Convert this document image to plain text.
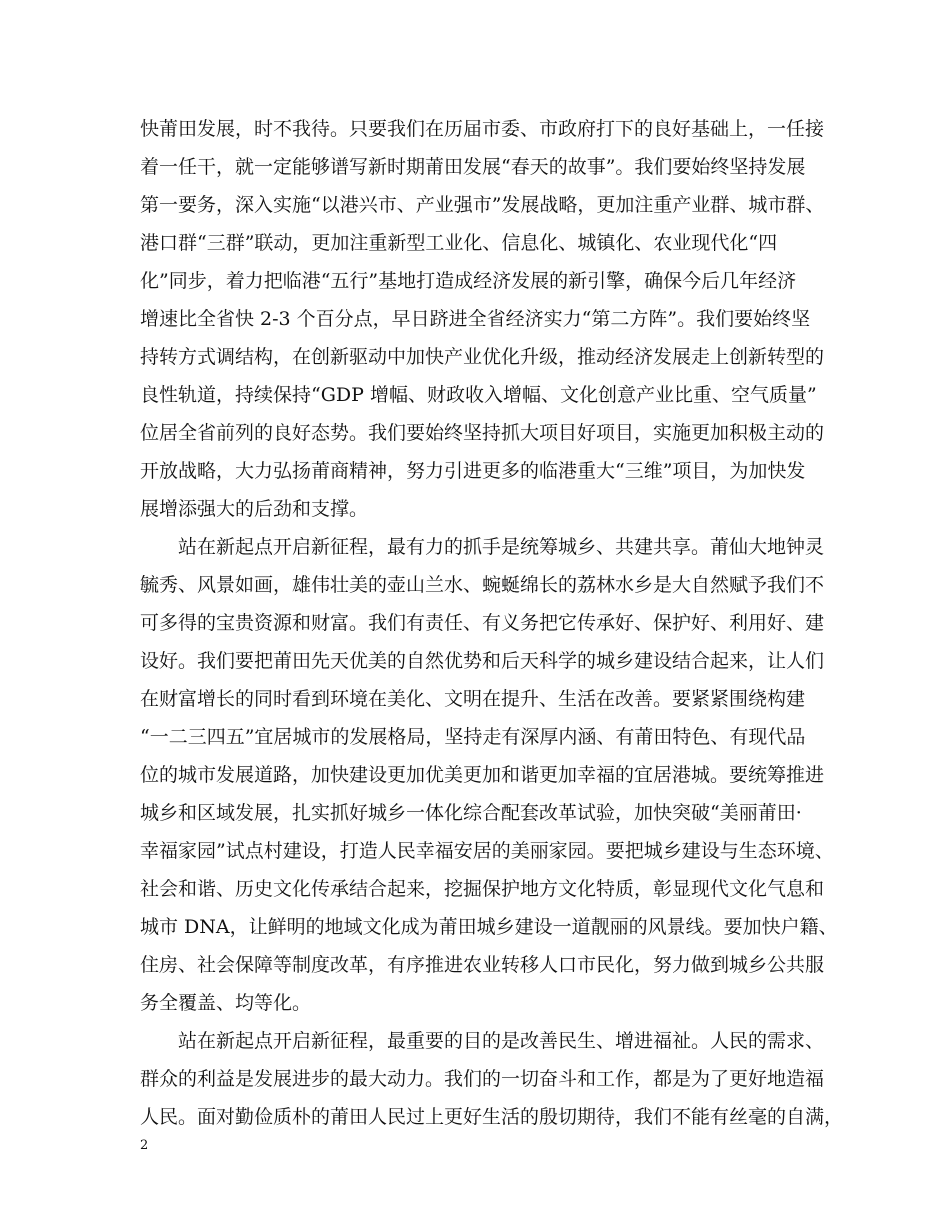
快莆田发展，时不我待。只要我们在历届市委、市政府打下的良好基础上，一任接
着一任干，就一定能够谱写新时期莆田发展“春天的故事”。我们要始终坚持发展
第一要务，深入实施“以港兴市、产业强市”发展战略，更加注重产业群、城市群、
港口群“三群”联动，更加注重新型工业化、信息化、城镇化、农业现代化“四
化”同步，着力把临港“五行”基地打造成经济发展的新引擎，确保今后几年经济
增速比全省快 2-3 个百分点，早日跻进全省经济实力“第二方阵”。我们要始终坚
持转方式调结构，在创新驱动中加快产业优化升级，推动经济发展走上创新转型的
良性轨道，持续保持“GDP 增幅、财政收入增幅、文化创意产业比重、空气质量”
位居全省前列的良好态势。我们要始终坚持抓大项目好项目，实施更加积极主动的
开放战略，大力弘扬莆商精神，努力引进更多的临港重大“三维”项目，为加快发
展增添强大的后劲和支撑。
站在新起点开启新征程，最有力的抓手是统筹城乡、共建共享。莆仙大地钟灵
毓秀、风景如画，雄伟壮美的壶山兰水、蜿蜒绵长的荔林水乡是大自然赋予我们不
可多得的宝贵资源和财富。我们有责任、有义务把它传承好、保护好、利用好、建
设好。我们要把莆田先天优美的自然优势和后天科学的城乡建设结合起来，让人们
在财富增长的同时看到环境在美化、文明在提升、生活在改善。要紧紧围绕构建
“一二三四五”宜居城市的发展格局，坚持走有深厚内涵、有莆田特色、有现代品
位的城市发展道路，加快建设更加优美更加和谐更加幸福的宜居港城。要统筹推进
城乡和区域发展，扎实抓好城乡一体化综合配套改革试验，加快突破“美丽莆田·
幸福家园”试点村建设，打造人民幸福安居的美丽家园。要把城乡建设与生态环境、
社会和谐、历史文化传承结合起来，挖掘保护地方文化特质，彰显现代文化气息和
城市 DNA，让鲜明的地域文化成为莆田城乡建设一道靓丽的风景线。要加快户籍、
住房、社会保障等制度改革，有序推进农业转移人口市民化，努力做到城乡公共服
务全覆盖、均等化。
站在新起点开启新征程，最重要的目的是改善民生、增进福祉。人民的需求、
群众的利益是发展进步的最大动力。我们的一切奋斗和工作，都是为了更好地造福
人民。面对勤俭质朴的莆田人民过上更好生活的殷切期待，我们不能有丝毫的自满，
2
